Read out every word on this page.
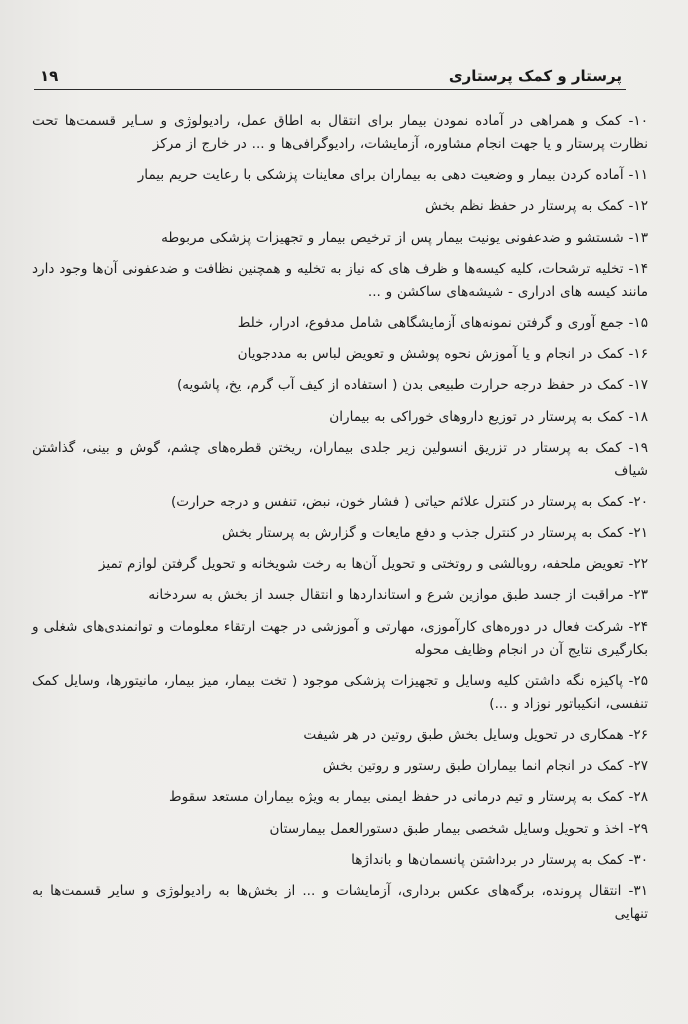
پرستار و کمک پرستاری
۱۹
۱۰- کمک و همراهی در آماده نمودن بیمار برای انتقال به اطاق عمل، رادیولوژی و سـایر قسمت‌ها تحت نظارت پرستار و یا جهت انجام مشاوره، آزمایشات، رادیوگرافی‌ها و ... در خارج از مرکز
۱۱- آماده کردن بیمار و وضعیت دهی به بیماران برای معاینات پزشکی با رعایت حریم بیمار
۱۲- کمک به پرستار در حفظ نظم بخش
۱۳- شستشو و ضدعفونی یونیت بیمار پس از ترخیص بیمار و تجهیزات پزشکی مربوطه
۱۴- تخلیه ترشحات، کلیه کیسه‌ها و ظرف های که نیاز به تخلیه و همچنین نظافت و ضدعفونی آن‌ها وجود دارد مانند کیسه های ادراری - شیشه‌های ساکشن و ...
۱۵- جمع آوری و گرفتن نمونه‌های آزمایشگاهی شامل مدفوع، ادرار، خلط
۱۶- کمک در انجام و یا آموزش نحوه پوشش و تعویض لباس به مددجویان
۱۷- کمک در حفظ درجه حرارت طبیعی بدن ( استفاده از کیف آب گرم، یخ، پاشویه)
۱۸- کمک به پرستار در توزیع داروهای خوراکی به بیماران
۱۹- کمک به پرستار در تزریق انسولین زیر جلدی بیماران، ریختن قطره‌های چشم، گوش و بینی، گذاشتن شیاف
۲۰- کمک به پرستار در کنترل علائم حیاتی ( فشار خون، نبض، تنفس و درجه حرارت)
۲۱- کمک به پرستار در کنترل جذب و دفع مایعات و گزارش به پرستار بخش
۲۲- تعویض ملحفه، روبالشی و روتختی و تحویل آن‌ها به رخت شویخانه و تحویل گرفتن لوازم تمیز
۲۳- مراقبت از جسد طبق موازین شرع و استانداردها و انتقال جسد از بخش به سردخانه
۲۴- شرکت فعال در دوره‌های کارآموزی، مهارتی و آموزشی در جهت ارتقاء معلومات و توانمندی‌های شغلی و بکارگیری نتایج آن در انجام وظایف محوله
۲۵- پاکیزه نگه داشتن کلیه وسایل و تجهیزات پزشکی موجود ( تخت بیمار، میز بیمار، مانیتورها، وسایل کمک تنفسی، انکیباتور نوزاد و ...)
۲۶- همکاری در تحویل وسایل بخش طبق روتین در هر شیفت
۲۷- کمک در انجام انما بیماران طبق رستور و روتین بخش
۲۸- کمک به پرستار و تیم درمانی در حفظ ایمنی بیمار به ویژه بیماران مستعد سقوط
۲۹- اخذ و تحویل وسایل شخصی بیمار طبق دستورالعمل بیمارستان
۳۰- کمک به پرستار در برداشتن پانسمان‌ها و بانداژها
۳۱- انتقال پرونده، برگه‌های عکس برداری، آزمایشات و ... از بخش‌ها به رادیولوژی و سایر قسمت‌ها به تنهایی
